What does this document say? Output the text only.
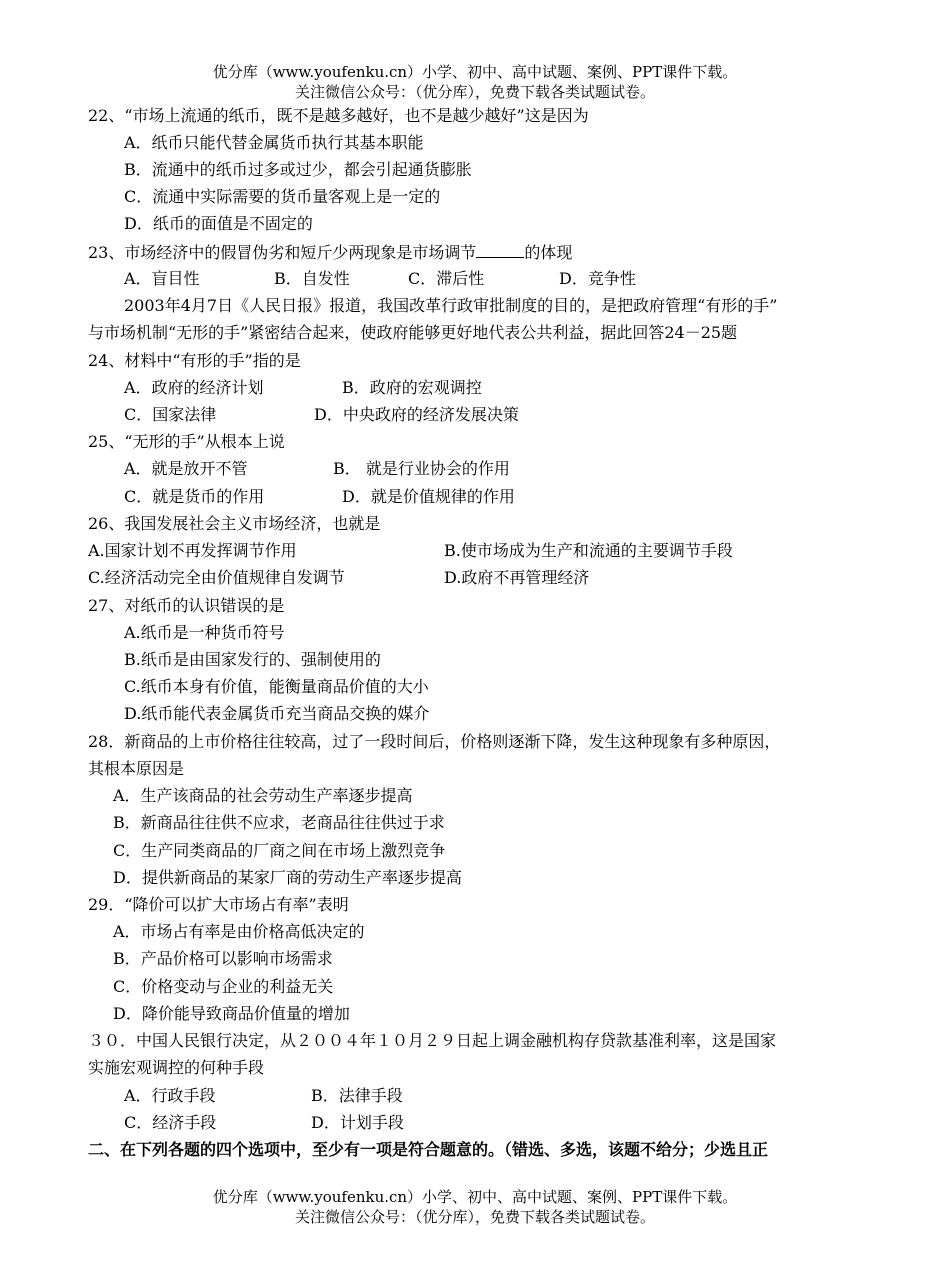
优分库（www.youfenku.cn）小学、初中、高中试题、案例、PPT课件下载。
关注微信公众号：（优分库），免费下载各类试题试卷。
22、“市场上流通的纸币，既不是越多越好，也不是越少越好”这是因为
A．纸币只能代替金属货币执行其基本职能
B．流通中的纸币过多或过少，都会引起通货膨胀
C．流通中实际需要的货币量客观上是一定的
D．纸币的面值是不固定的
23、市场经济中的假冒伪劣和短斤少两现象是市场调节	的体现
A．盲目性	B．自发性	C．滞后性	D．竞争性
2003年4月7日《人民日报》报道，我国改革行政审批制度的目的，是把政府管理“有形的手”
与市场机制“无形的手”紧密结合起来，使政府能够更好地代表公共利益，据此回答24－25题
24、材料中“有形的手”指的是
A．政府的经济计划	B．政府的宏观调控
C．国家法律	D．中央政府的经济发展决策
25、“无形的手”从根本上说
A．就是放开不管	B． 就是行业协会的作用
C．就是货币的作用	D．就是价值规律的作用
26、我国发展社会主义市场经济，也就是
A.国家计划不再发挥调节作用	B.使市场成为生产和流通的主要调节手段
C.经济活动完全由价值规律自发调节	D.政府不再管理经济
27、对纸币的认识错误的是
A.纸币是一种货币符号
B.纸币是由国家发行的、强制使用的
C.纸币本身有价值，能衡量商品价值的大小
D.纸币能代表金属货币充当商品交换的媒介
28．新商品的上市价格往往较高，过了一段时间后，价格则逐渐下降，发生这种现象有多种原因，
其根本原因是
A．生产该商品的社会劳动生产率逐步提高
B．新商品往往供不应求，老商品往往供过于求
C．生产同类商品的厂商之间在市场上激烈竞争
D．提供新商品的某家厂商的劳动生产率逐步提高
29．“降价可以扩大市场占有率”表明
A．市场占有率是由价格高低决定的
B．产品价格可以影响市场需求
C．价格变动与企业的利益无关
D．降价能导致商品价值量的增加
３０．中国人民银行决定，从２００４年１０月２９日起上调金融机构存贷款基准利率，这是国家
实施宏观调控的何种手段
A．行政手段	B．法律手段
C．经济手段	D．计划手段
二、在下列各题的四个选项中，至少有一项是符合题意的。（错选、多选，该题不给分；少选且正
优分库（www.youfenku.cn）小学、初中、高中试题、案例、PPT课件下载。
关注微信公众号：（优分库），免费下载各类试题试卷。
